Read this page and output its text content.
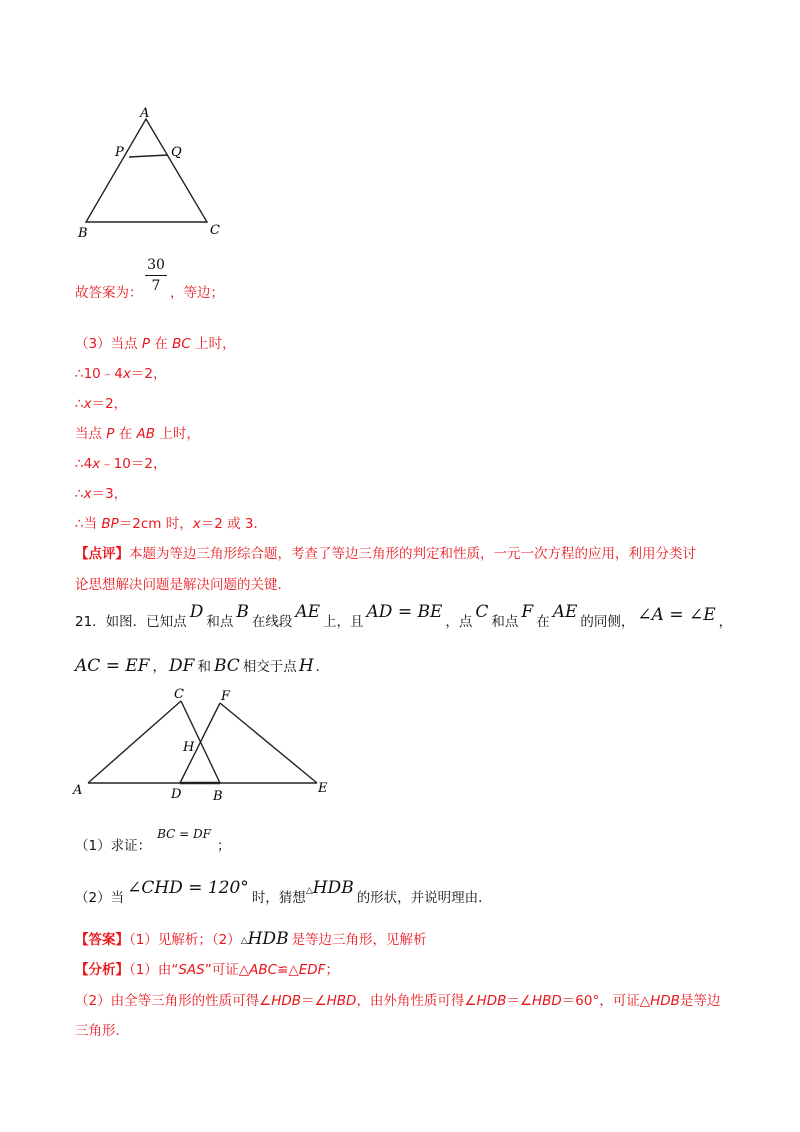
A
P	Q
B	C
故答案为：
30
7 ，等边；
（3）当点 P 在 BC 上时，
∴10﹣4x＝2，
∴x＝2，
当点 P 在 AB 上时，
∴4x﹣10＝2，
∴x＝3，
∴当 BP＝2cm 时，x＝2 或 3．
【点评】本题为等边三角形综合题，考查了等边三角形的判定和性质，一元一次方程的应用，利用分类讨
论思想解决问题是解决问题的关键．
21．如图．已知点 D 和点 B 在线段 AE 上，且 AD = BE ，点 C 和点 F 在 AE 的同侧， ∠A = ∠E ，
AC = EF ， DF 和 BC 相交于点 H ．
C	F
H
A	D B
E
（1）求证：BC = DF；
（2）当 ∠CHD = 120° 时，猜想△HDB 的形状，并说明理由．
【答案】（1）见解析；（2）△HDB 是等边三角形，见解析
【分析】（1）由“SAS”可证△ABC≌△EDF；
（2）由全等三角形的性质可得∠HDB＝∠HBD，由外角性质可得∠HDB＝∠HBD＝60°，可证△HDB是等边
三角形．
